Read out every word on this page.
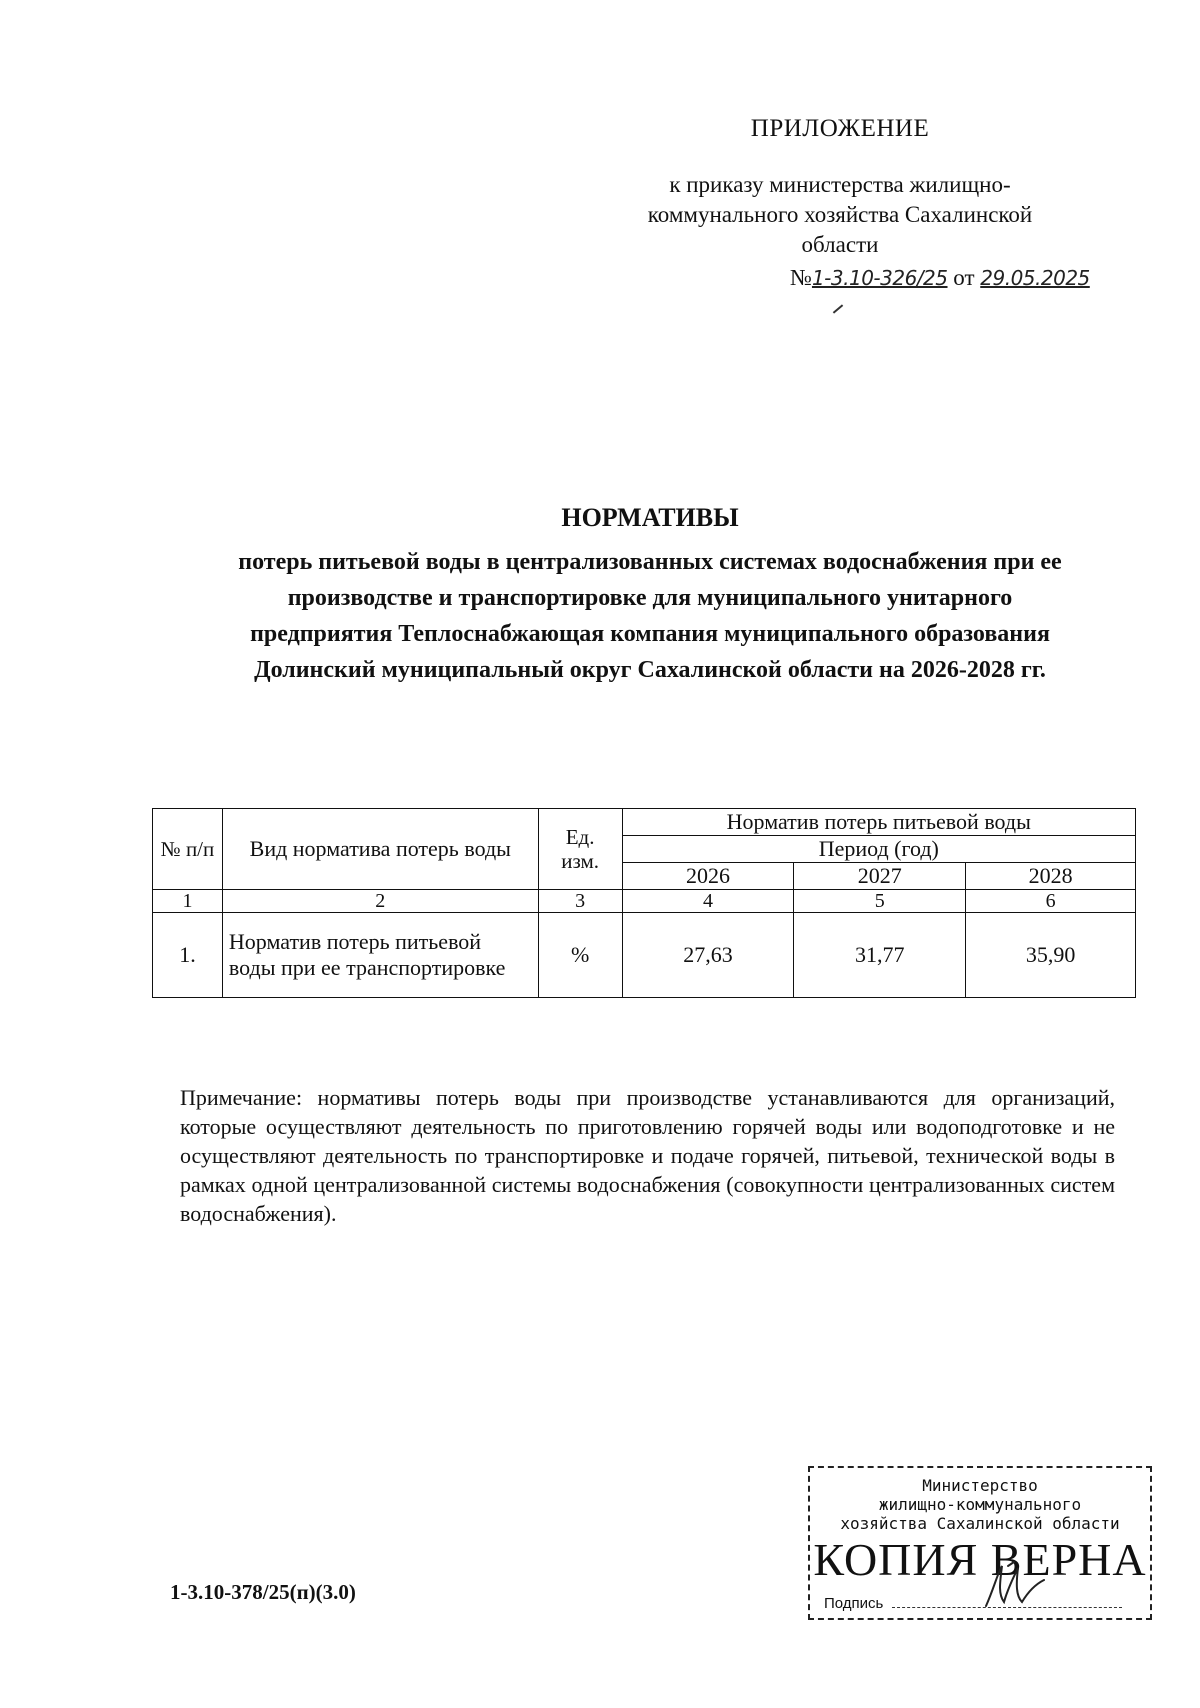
ПРИЛОЖЕНИЕ
к приказу министерства жилищно-
коммунального хозяйства Сахалинской
области
№1-3.10-326/25 от 29.05.2025
НОРМАТИВЫ
потерь питьевой воды в централизованных системах водоснабжения при ее производстве и транспортировке для муниципального унитарного предприятия Теплоснабжающая компания муниципального образования Долинский муниципальный округ Сахалинской области на 2026-2028 гг.
№ п/п	Вид норматива потерь воды	Ед. изм.	Норматив потерь питьевой воды		
			Период (год)		
			2026	2027	2028
1	2	3	4	5	6
1.	Норматив потерь питьевой воды при ее транспортировке	%	27,63	31,77	35,90
Примечание: нормативы потерь воды при производстве устанавливаются для организаций, которые осуществляют деятельность по приготовлению горячей воды или водоподготовке и не осуществляют деятельность по транспортировке и подаче горячей, питьевой, технической воды в рамках одной централизованной системы водоснабжения (совокупности централизованных систем водоснабжения).
1-3.10-378/25(п)(3.0)
Министерство
жилищно-коммунального
хозяйства Сахалинской области
КОПИЯ ВЕРНА
Подпись
